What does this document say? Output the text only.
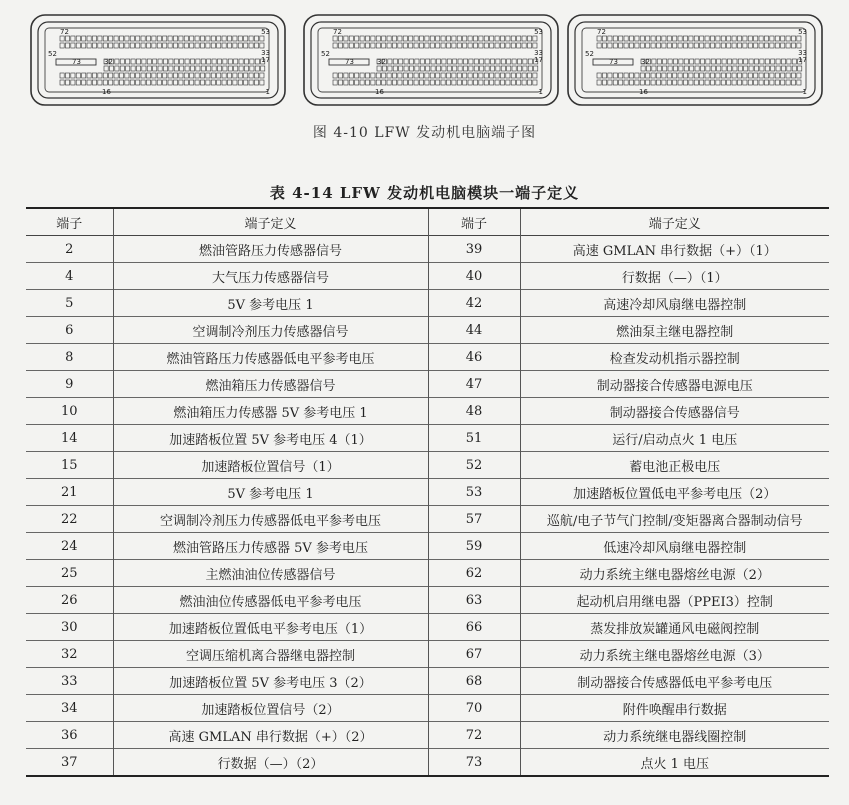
72	53
33
17
52
73	32
16	1
72	53
33
17
52
73	32
16	1
72	53
33
17
52
73	32
16	1
图 4-10 LFW 发动机电脑端子图
表 4-14 LFW 发动机电脑模块一端子定义
端子	端子定义	端子	端子定义
2	燃油管路压力传感器信号	39	高速 GMLAN 串行数据（+）（1）
4	大气压力传感器信号	40	行数据（—）（1）
5	5V 参考电压 1	42	高速冷却风扇继电器控制
6	空调制冷剂压力传感器信号	44	燃油泵主继电器控制
8	燃油管路压力传感器低电平参考电压	46	检查发动机指示器控制
9	燃油箱压力传感器信号	47	制动器接合传感器电源电压
10	燃油箱压力传感器 5V 参考电压 1	48	制动器接合传感器信号
14	加速踏板位置 5V 参考电压 4（1）	51	运行/启动点火 1 电压
15	加速踏板位置信号（1）	52	蓄电池正极电压
21	5V 参考电压 1	53	加速踏板位置低电平参考电压（2）
22	空调制冷剂压力传感器低电平参考电压	57	巡航/电子节气门控制/变矩器离合器制动信号
24	燃油管路压力传感器 5V 参考电压	59	低速冷却风扇继电器控制
25	主燃油油位传感器信号	62	动力系统主继电器熔丝电源（2）
26	燃油油位传感器低电平参考电压	63	起动机启用继电器（PPEI3）控制
30	加速踏板位置低电平参考电压（1）	66	蒸发排放炭罐通风电磁阀控制
32	空调压缩机离合器继电器控制	67	动力系统主继电器熔丝电源（3）
33	加速踏板位置 5V 参考电压 3（2）	68	制动器接合传感器低电平参考电压
34	加速踏板位置信号（2）	70	附件唤醒串行数据
36	高速 GMLAN 串行数据（+）（2）	72	动力系统继电器线圈控制
37	行数据（—）（2）	73	点火 1 电压
